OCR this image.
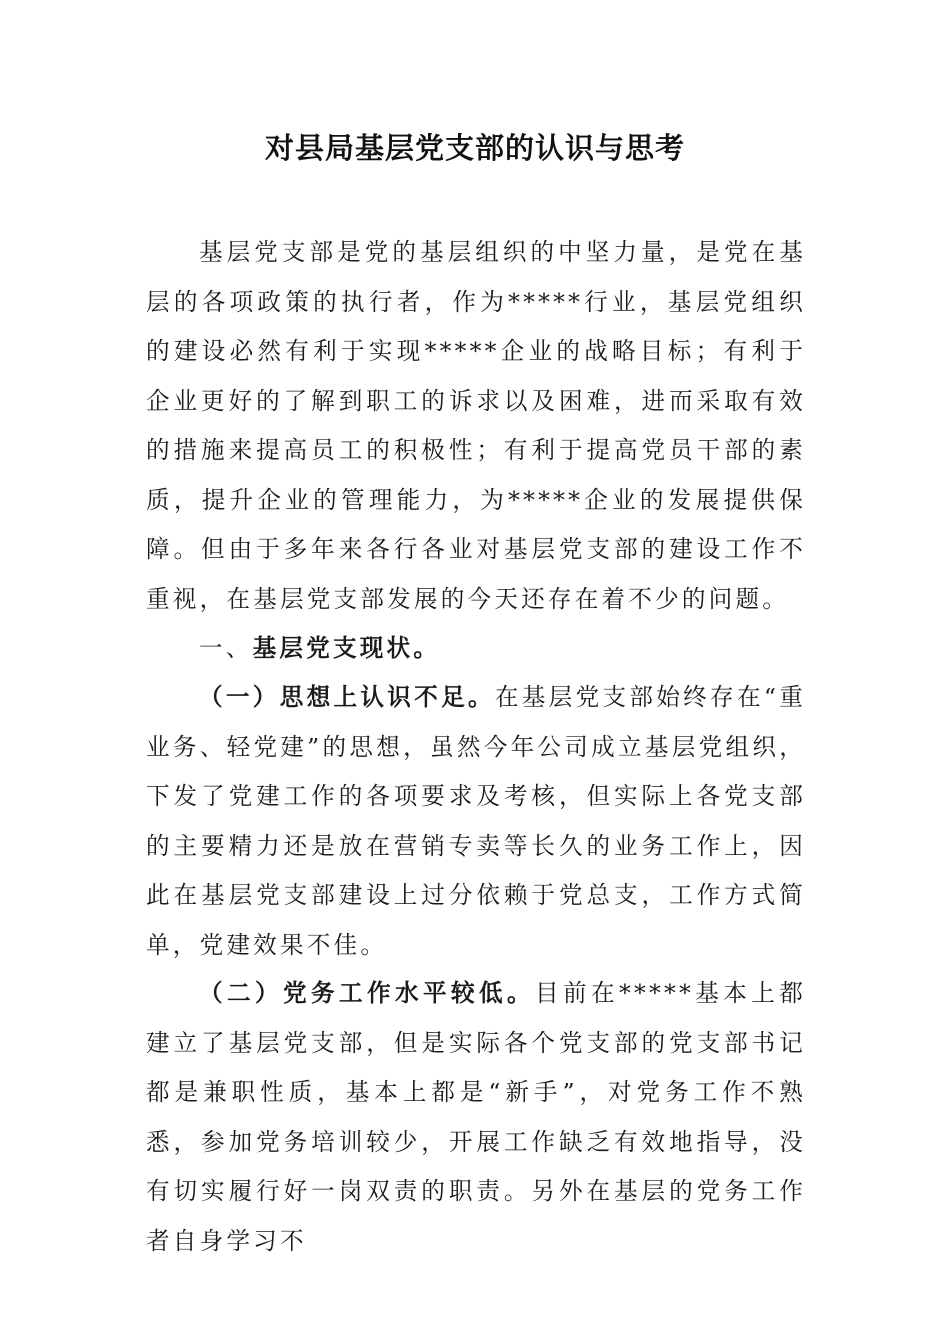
对县局基层党支部的认识与思考

基层党支部是党的基层组织的中坚力量，是党在基层的各项政策的执行者，作为*****行业，基层党组织的建设必然有利于实现*****企业的战略目标；有利于企业更好的了解到职工的诉求以及困难，进而采取有效的措施来提高员工的积极性；有利于提高党员干部的素质，提升企业的管理能力，为*****企业的发展提供保障。但由于多年来各行各业对基层党支部的建设工作不重视，在基层党支部发展的今天还存在着不少的问题。

一、基层党支现状。

（一）思想上认识不足。在基层党支部始终存在“重业务、轻党建”的思想，虽然今年公司成立基层党组织，下发了党建工作的各项要求及考核，但实际上各党支部的主要精力还是放在营销专卖等长久的业务工作上，因此在基层党支部建设上过分依赖于党总支，工作方式简单，党建效果不佳。

（二）党务工作水平较低。目前在*****基本上都建立了基层党支部，但是实际各个党支部的党支部书记都是兼职性质，基本上都是“新手”，对党务工作不熟悉，参加党务培训较少，开展工作缺乏有效地指导，没有切实履行好一岗双责的职责。另外在基层的党务工作者自身学习不
